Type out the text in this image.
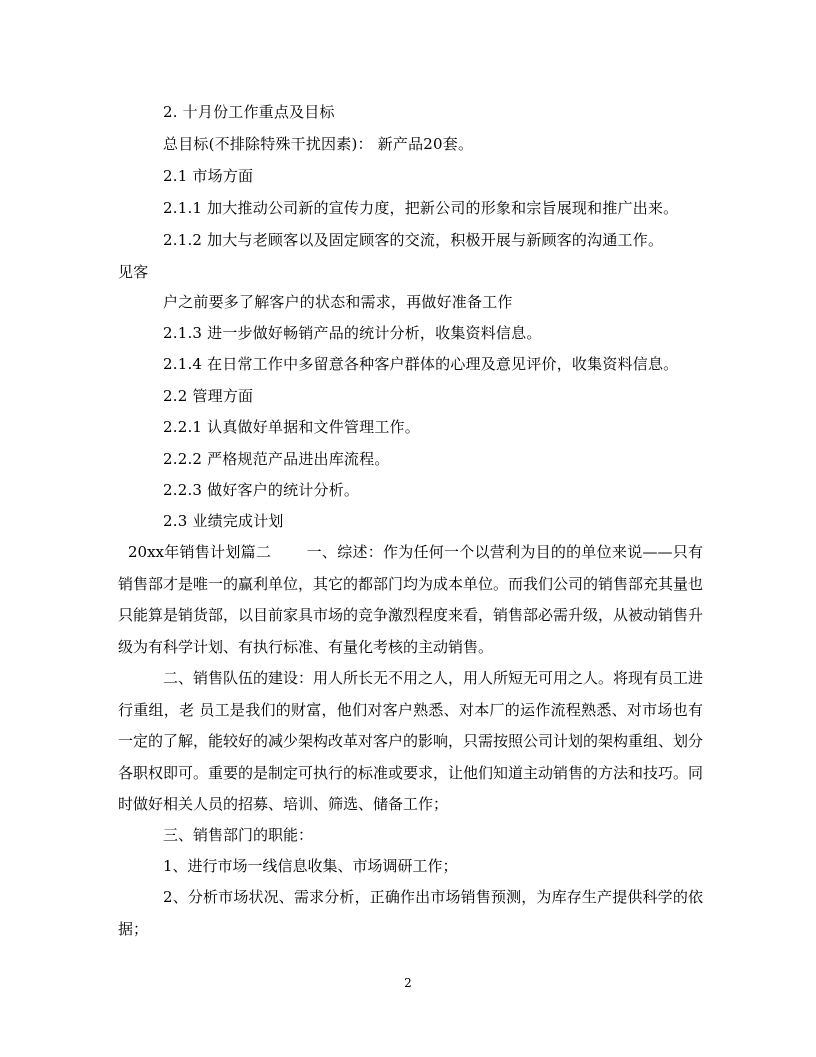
2. 十月份工作重点及目标
总目标(不排除特殊干扰因素)： 新产品20套。
2.1 市场方面
2.1.1 加大推动公司新的宣传力度，把新公司的形象和宗旨展现和推广出来。
2.1.2 加大与老顾客以及固定顾客的交流，积极开展与新顾客的沟通工作。
见客
户之前要多了解客户的状态和需求，再做好准备工作
2.1.3 进一步做好畅销产品的统计分析，收集资料信息。
2.1.4 在日常工作中多留意各种客户群体的心理及意见评价，收集资料信息。
2.2 管理方面
2.2.1 认真做好单据和文件管理工作。
2.2.2 严格规范产品进出库流程。
2.2.3 做好客户的统计分析。
2.3 业绩完成计划
20xx年销售计划篇二 　　一、综述：作为任何一个以营利为目的的单位来说——只有销售部才是唯一的赢利单位，其它的都部门均为成本单位。而我们公司的销售部充其量也只能算是销货部，以目前家具市场的竞争激烈程度来看，销售部必需升级，从被动销售升级为有科学计划、有执行标准、有量化考核的主动销售。
二、销售队伍的建设：用人所长无不用之人，用人所短无可用之人。将现有员工进行重组，老 员工是我们的财富，他们对客户熟悉、对本厂的运作流程熟悉、对市场也有一定的了解，能较好的减少架构改革对客户的影响，只需按照公司计划的架构重组、划分各职权即可。重要的是制定可执行的标准或要求，让他们知道主动销售的方法和技巧。同时做好相关人员的招募、培训、筛选、储备工作；
三、销售部门的职能：
1、进行市场一线信息收集、市场调研工作；
2、分析市场状况、需求分析，正确作出市场销售预测，为库存生产提供科学的依据；
2
